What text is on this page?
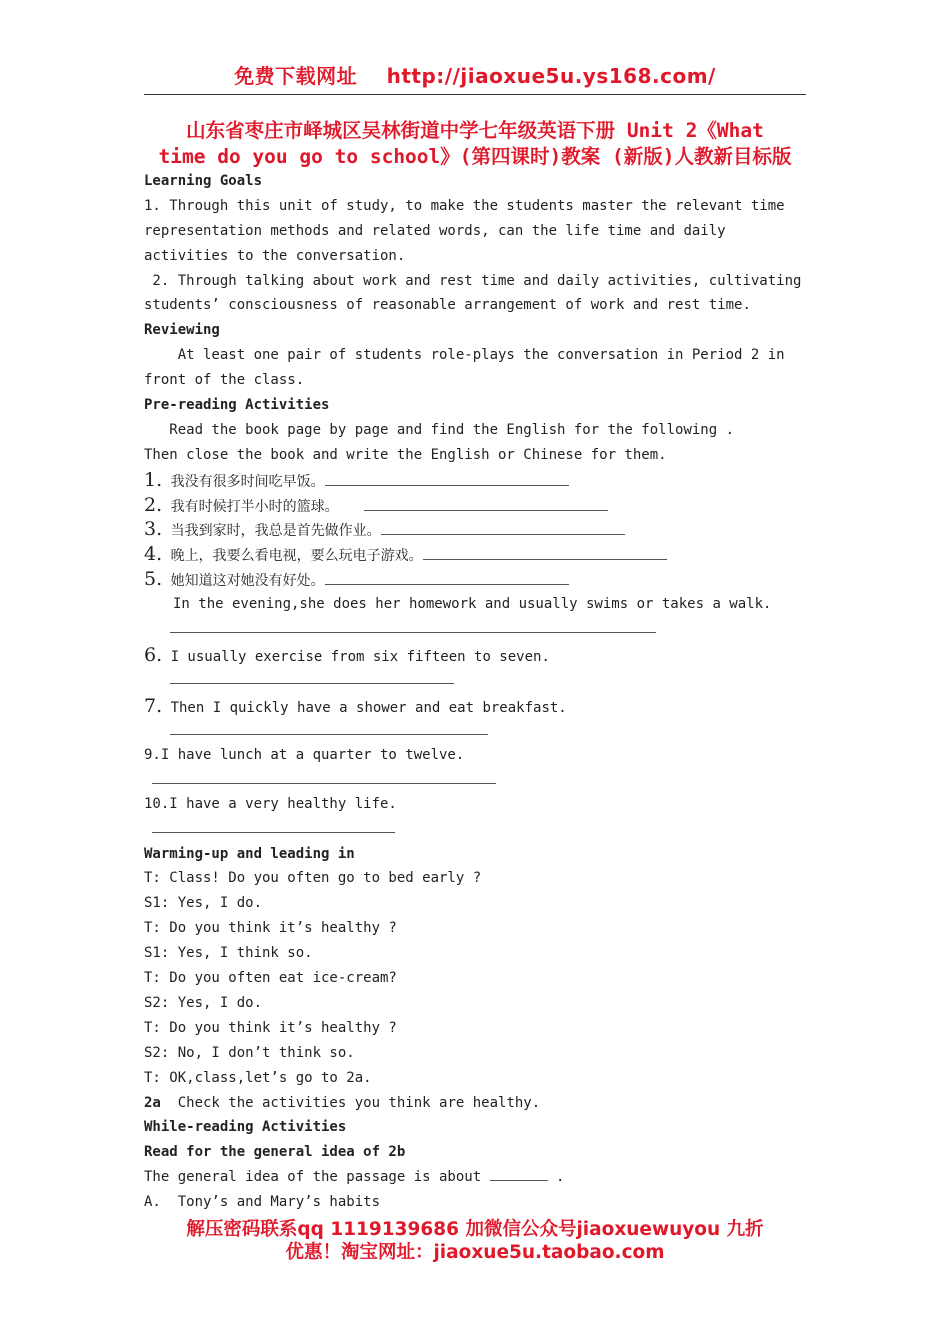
免费下载网址 http://jiaoxue5u.ys168.com/
山东省枣庄市峄城区吴林街道中学七年级英语下册 Unit 2《What
time do you go to school》(第四课时)教案 (新版)人教新目标版
Learning Goals
1. Through this unit of study, to make the students master the relevant time
representation methods and related words, can the life time and daily
activities to the conversation.
2. Through talking about work and rest time and daily activities, cultivating
students’ consciousness of reasonable arrangement of work and rest time.
Reviewing
At least one pair of students role-plays the conversation in Period 2 in
front of the class.
Pre-reading Activities
Read the book page by page and find the English for the following .
Then close the book and write the English or Chinese for them.
1. 我没有很多时间吃早饭。
2. 我有时候打半小时的篮球。
3. 当我到家时，我总是首先做作业。
4. 晚上，我要么看电视，要么玩电子游戏。
5. 她知道这对她没有好处。
In the evening,she does her homework and usually swims or takes a walk.
6. I usually exercise from six fifteen to seven.
7. Then I quickly have a shower and eat breakfast.
9.I have lunch at a quarter to twelve.
10.I have a very healthy life.
Warming-up and leading in
T: Class! Do you often go to bed early ?
S1: Yes, I do.
T: Do you think it’s healthy ?
S1: Yes, I think so.
T: Do you often eat ice-cream?
S2: Yes, I do.
T: Do you think it’s healthy ?
S2: No, I don’t think so.
T: OK,class,let’s go to 2a.
2a Check the activities you think are healthy.
While-reading Activities
Read for the general idea of 2b
The general idea of the passage is about	.
A.  Tony’s and Mary’s habits
解压密码联系qq 1119139686 加微信公众号jiaoxuewuyou 九折
优惠！淘宝网址：jiaoxue5u.taobao.com
